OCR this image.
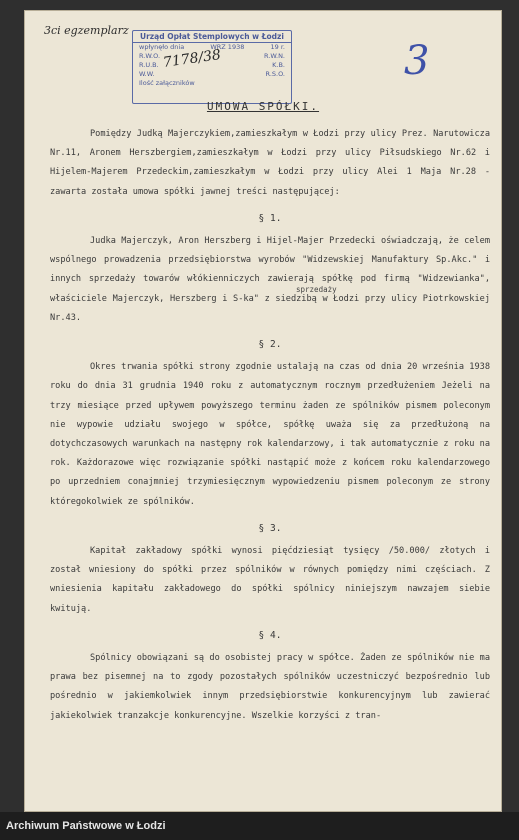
3ci egzemplarz	Urząd Opłat Stemplowych w Łodzi
wpłynęło dnia	WRZ 1938	19 r.
R.W.O.	R.W.N.
R.U.B.	K.B.
W.W.	R.S.O.
Ilość załączników
7178/38	3
UMOWA SPÓŁKI.
sprzedaży

Pomiędzy Judką Majerczykiem,zamieszkałym w Łodzi przy ulicy Prez. Narutowicza Nr.11, Aronem Herszbergiem,zamieszkałym w Łodzi przy ulicy Piłsudskiego Nr.62 i Hijelem-Majerem Przedeckim,zamieszkałym w Łodzi przy ulicy Alei 1 Maja Nr.28 - zawarta została umowa spółki jawnej treści następującej:

§ 1.

Judka Majerczyk, Aron Herszberg i Hijel-Majer Przedecki oświadczają, że celem wspólnego prowadzenia przedsiębiorstwa wyrobów "Widzewskiej Manufaktury Sp.Akc." i innych sprzedaży towarów włókienniczych zawierają spółkę pod firmą "Widzewianka", właściciele Majerczyk, Herszberg i S-ka" z siedzibą w Łodzi przy ulicy Piotrkowskiej Nr.43.

§ 2.

Okres trwania spółki strony zgodnie ustalają na czas od dnia 20 września 1938 roku do dnia 31 grudnia 1940 roku z automatycznym rocznym przedłużeniem Jeżeli na trzy miesiące przed upływem powyższego terminu żaden ze spólników pismem poleconym nie wypowie udziału swojego w spółce, spółkę uważa się za przedłużoną na dotychczasowych warunkach na następny rok kalendarzowy, i tak automatycznie z roku na rok. Każdorazowe więc rozwiązanie spółki nastąpić może z końcem roku kalendarzowego po uprzedniem conajmniej trzymiesięcznym wypowiedzeniu pismem poleconym ze strony któregokolwiek ze spólników.

§ 3.

Kapitał zakładowy spółki wynosi pięćdziesiąt tysięcy /50.000/ złotych i został wniesiony do spółki przez spólników w równych pomiędzy nimi częściach. Z wniesienia kapitału zakładowego do spółki spólnicy niniejszym nawzajem siebie kwitują.

§ 4.

Spólnicy obowiązani są do osobistej pracy w spółce. Żaden ze spólników nie ma prawa bez pisemnej na to zgody pozostałych spólników uczestniczyć bezpośrednio lub pośrednio w jakiemkolwiek innym przedsiębiorstwie konkurencyjnym lub zawierać jakiekolwiek tranzakcje konkurencyjne. Wszelkie korzyści z tran-

Archiwum Państwowe w Łodzi
